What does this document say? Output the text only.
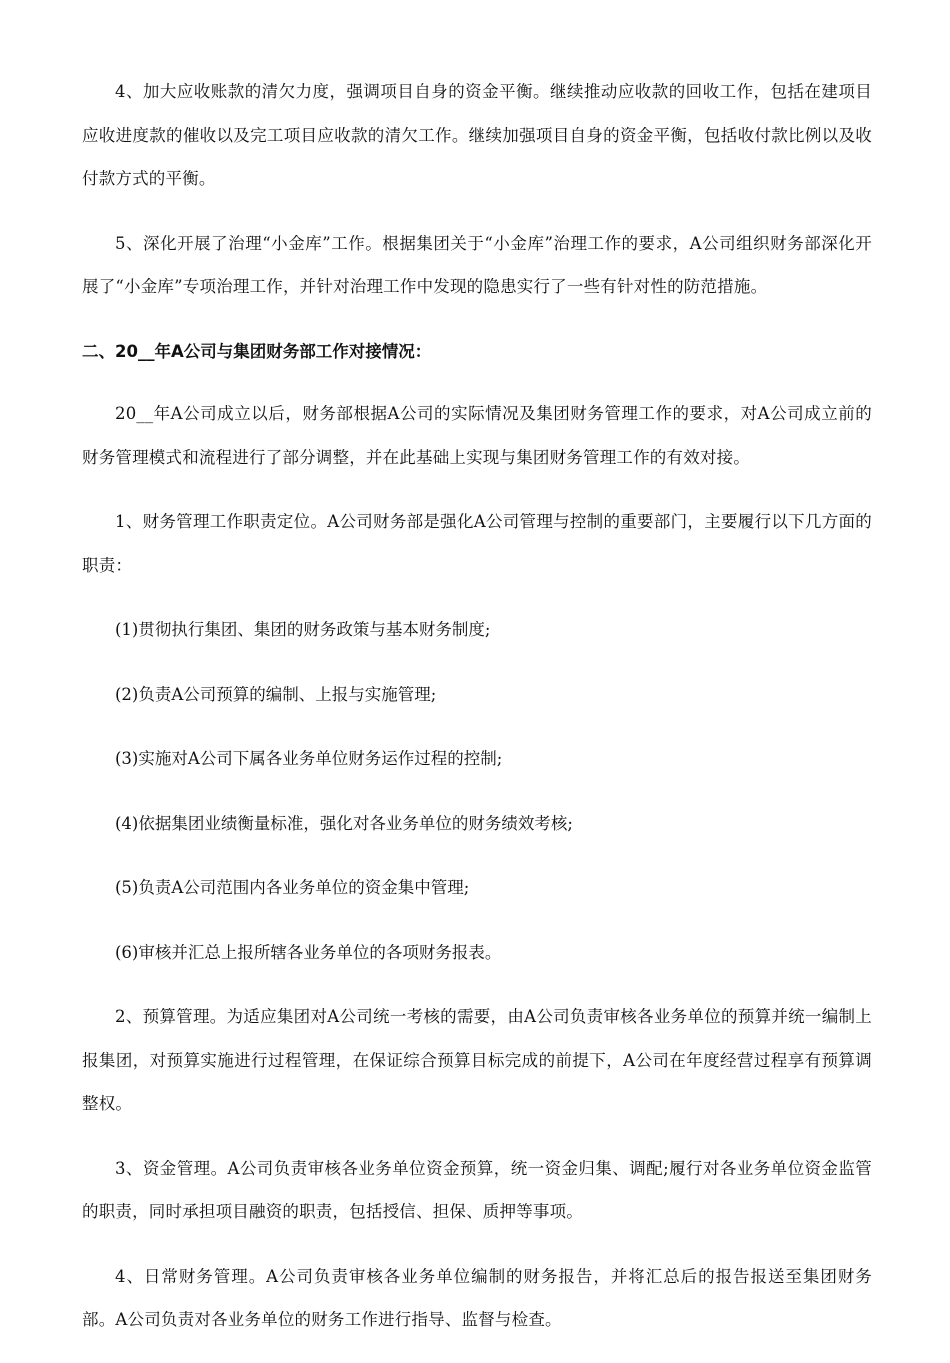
4、加大应收账款的清欠力度，强调项目自身的资金平衡。继续推动应收款的回收工作，包括在建项目应收进度款的催收以及完工项目应收款的清欠工作。继续加强项目自身的资金平衡，包括收付款比例以及收付款方式的平衡。

5、深化开展了治理“小金库”工作。根据集团关于“小金库”治理工作的要求，A公司组织财务部深化开展了“小金库”专项治理工作，并针对治理工作中发现的隐患实行了一些有针对性的防范措施。

二、20__年A公司与集团财务部工作对接情况：

20__年A公司成立以后，财务部根据A公司的实际情况及集团财务管理工作的要求，对A公司成立前的财务管理模式和流程进行了部分调整，并在此基础上实现与集团财务管理工作的有效对接。

1、财务管理工作职责定位。A公司财务部是强化A公司管理与控制的重要部门，主要履行以下几方面的职责：

(1)贯彻执行集团、集团的财务政策与基本财务制度;

(2)负责A公司预算的编制、上报与实施管理;

(3)实施对A公司下属各业务单位财务运作过程的控制;

(4)依据集团业绩衡量标准，强化对各业务单位的财务绩效考核;

(5)负责A公司范围内各业务单位的资金集中管理;

(6)审核并汇总上报所辖各业务单位的各项财务报表。

2、预算管理。为适应集团对A公司统一考核的需要，由A公司负责审核各业务单位的预算并统一编制上报集团，对预算实施进行过程管理，在保证综合预算目标完成的前提下，A公司在年度经营过程享有预算调整权。

3、资金管理。A公司负责审核各业务单位资金预算，统一资金归集、调配;履行对各业务单位资金监管的职责，同时承担项目融资的职责，包括授信、担保、质押等事项。

4、日常财务管理。A公司负责审核各业务单位编制的财务报告，并将汇总后的报告报送至集团财务部。A公司负责对各业务单位的财务工作进行指导、监督与检查。
